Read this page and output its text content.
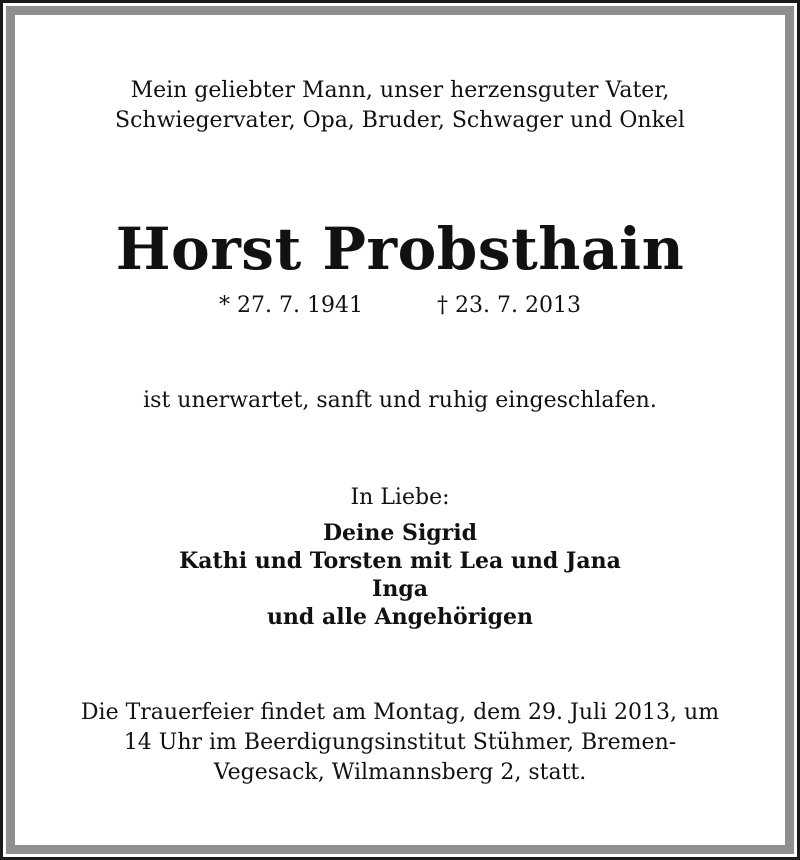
Mein geliebter Mann, unser herzensguter Vater,
Schwiegervater, Opa, Bruder, Schwager und Onkel
Horst Probsthain
* 27. 7. 1941	† 23. 7. 2013
ist unerwartet, sanft und ruhig eingeschlafen.
In Liebe:
Deine Sigrid
Kathi und Torsten mit Lea und Jana
Inga
und alle Angehörigen
Die Trauerfeier findet am Montag, dem 29. Juli 2013, um
14 Uhr im Beerdigungsinstitut Stühmer, Bremen-
Vegesack, Wilmannsberg 2, statt.
